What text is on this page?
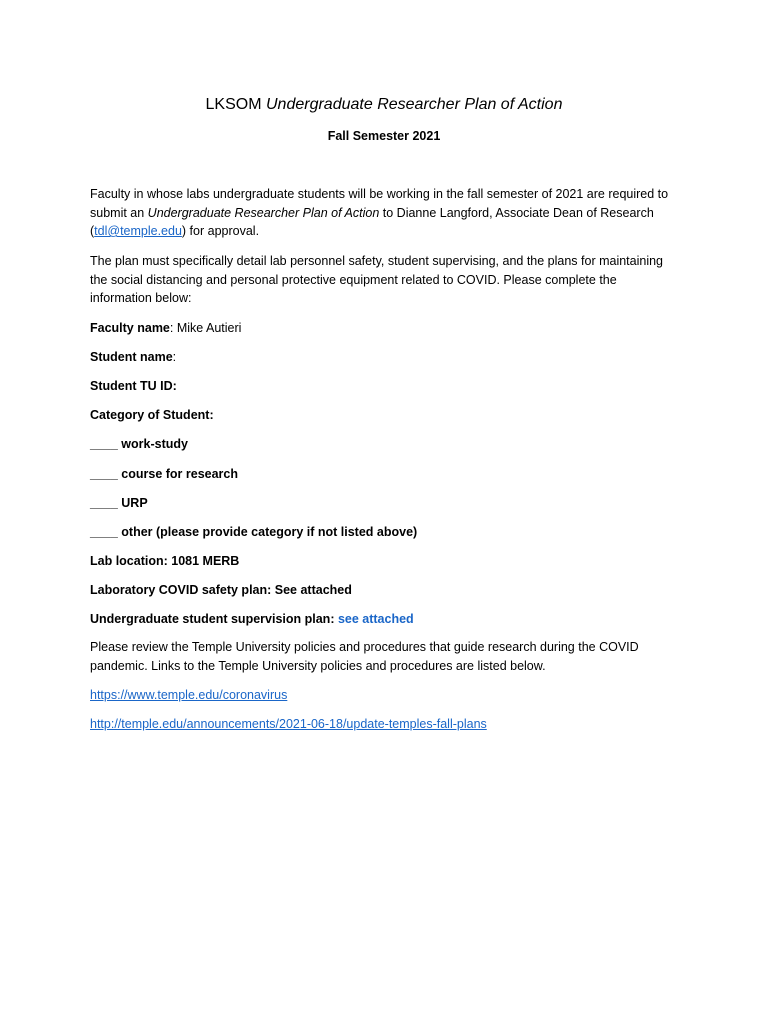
LKSOM Undergraduate Researcher Plan of Action
Fall Semester 2021
Faculty in whose labs undergraduate students will be working in the fall semester of 2021 are required to submit an Undergraduate Researcher Plan of Action to Dianne Langford, Associate Dean of Research (tdl@temple.edu) for approval.
The plan must specifically detail lab personnel safety, student supervising, and the plans for maintaining the social distancing and personal protective equipment related to COVID. Please complete the information below:
Faculty name: Mike Autieri
Student name:
Student TU ID:
Category of Student:
____ work-study
____ course for research
____ URP
____ other (please provide category if not listed above)
Lab location: 1081 MERB
Laboratory COVID safety plan: See attached
Undergraduate student supervision plan: see attached
Please review the Temple University policies and procedures that guide research during the COVID pandemic. Links to the Temple University policies and procedures are listed below.
https://www.temple.edu/coronavirus
http://temple.edu/announcements/2021-06-18/update-temples-fall-plans
